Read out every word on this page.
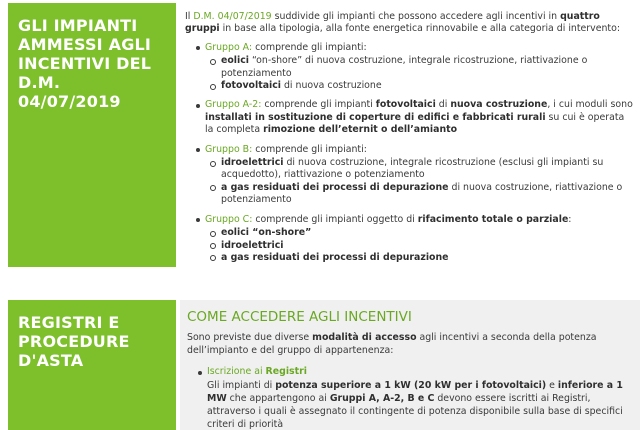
GLI IMPIANTI
AMMESSI AGLI
INCENTIVI DEL
D.M. 04/07/2019

Il D.M. 04/07/2019 suddivide gli impianti che possono accedere agli incentivi in quattro gruppi in base alla tipologia, alla fonte energetica rinnovabile e alla categoria di intervento:

Gruppo A: comprende gli impianti:
eolici “on-shore” di nuova costruzione, integrale ricostruzione, riattivazione o potenziamento
fotovoltaici di nuova costruzione
Gruppo A-2: comprende gli impianti fotovoltaici di nuova costruzione, i cui moduli sono installati in sostituzione di coperture di edifici e fabbricati rurali su cui è operata la completa rimozione dell’eternit o dell’amianto
Gruppo B: comprende gli impianti:
idroelettrici di nuova costruzione, integrale ricostruzione (esclusi gli impianti su acquedotto), riattivazione o potenziamento
a gas residuati dei processi di depurazione di nuova costruzione, riattivazione o potenziamento
Gruppo C: comprende gli impianti oggetto di rifacimento totale o parziale:
eolici “on-shore”
idroelettrici
a gas residuati dei processi di depurazione
REGISTRI E
PROCEDURE
D'ASTA
COME ACCEDERE AGLI INCENTIVI

Sono previste due diverse modalità di accesso agli incentivi a seconda della potenza dell’impianto e del gruppo di appartenenza:

Iscrizione ai Registri
Gli impianti di potenza superiore a 1 kW (20 kW per i fotovoltaici) e inferiore a 1 MW che appartengono ai Gruppi A, A-2, B e C devono essere iscritti ai Registri, attraverso i quali è assegnato il contingente di potenza disponibile sulla base di specifici criteri di priorità
